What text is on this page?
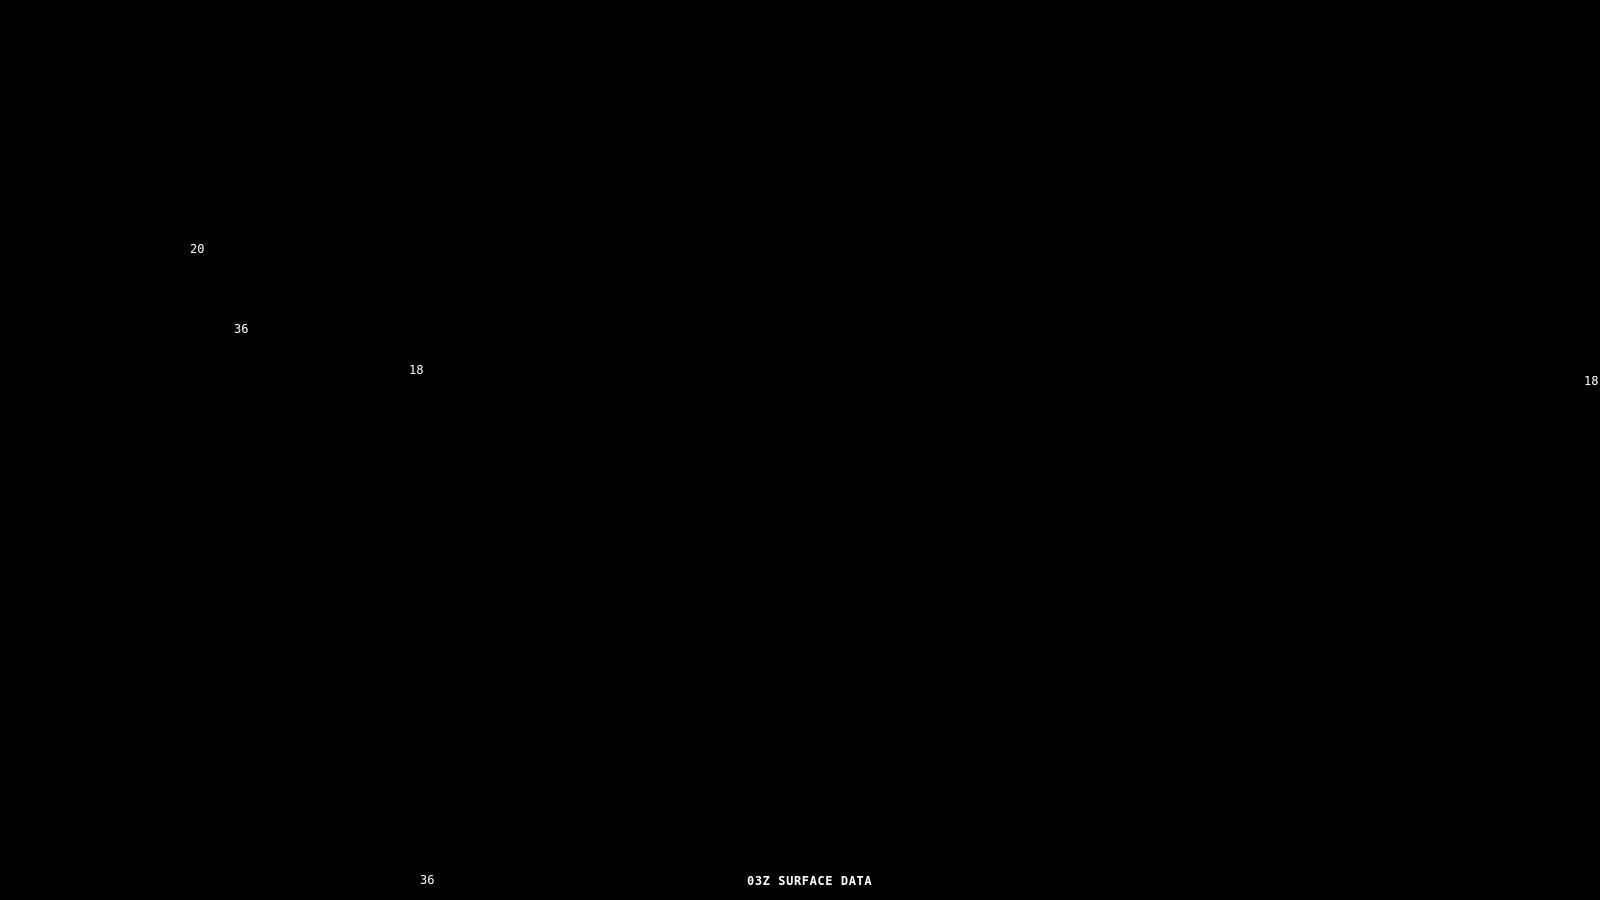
20
36
18
18
36	03Z SURFACE DATA
